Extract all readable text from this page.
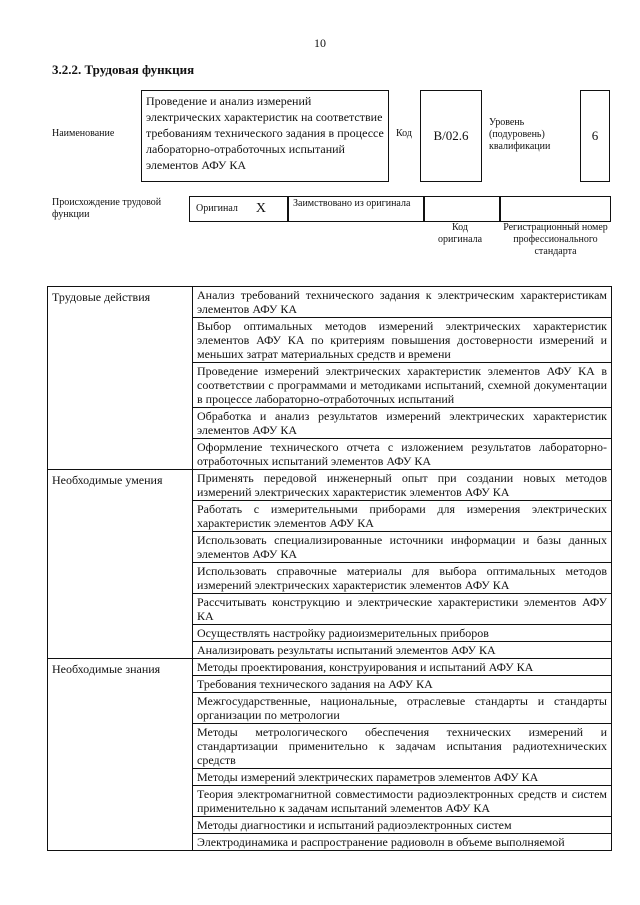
10
3.2.2. Трудовая функция
Наименование
Проведение и анализ измерений электрических характеристик на соответствие требованиям технического задания в процессе лабораторно-отработочных испытаний элементов АФУ КА
Код	B/02.6
Уровень (подуровень) квалификации
6
Происхождение трудовой функции
Оригинал X	Заимствовано из оригинала
Код оригинала
Регистрационный номер профессионального стандарта
Трудовые действия	Анализ требований технического задания к электрическим характеристикам элементов АФУ КА
	Выбор оптимальных методов измерений электрических характеристик элементов АФУ КА по критериям повышения достоверности измерений и меньших затрат материальных средств и времени
	Проведение измерений электрических характеристик элементов АФУ КА в соответствии с программами и методиками испытаний, схемной документации в процессе лабораторно-отработочных испытаний
	Обработка и анализ результатов измерений электрических характеристик элементов АФУ КА
	Оформление технического отчета с изложением результатов лабораторно-отработочных испытаний элементов АФУ КА
Необходимые умения	Применять передовой инженерный опыт при создании новых методов измерений электрических характеристик элементов АФУ КА
	Работать с измерительными приборами для измерения электрических характеристик элементов АФУ КА
	Использовать специализированные источники информации и базы данных элементов АФУ КА
	Использовать справочные материалы для выбора оптимальных методов измерений электрических характеристик элементов АФУ КА
	Рассчитывать конструкцию и электрические характеристики элементов АФУ КА
	Осуществлять настройку радиоизмерительных приборов
	Анализировать результаты испытаний элементов АФУ КА
Необходимые знания	Методы проектирования, конструирования и испытаний АФУ КА
	Требования технического задания на АФУ КА
	Межгосударственные, национальные, отраслевые стандарты и стандарты организации по метрологии
	Методы метрологического обеспечения технических измерений и стандартизации применительно к задачам испытания радиотехнических средств
	Методы измерений электрических параметров элементов АФУ КА
	Теория электромагнитной совместимости радиоэлектронных средств и систем применительно к задачам испытаний элементов АФУ КА
	Методы диагностики и испытаний радиоэлектронных систем
	Электродинамика и распространение радиоволн в объеме выполняемой
